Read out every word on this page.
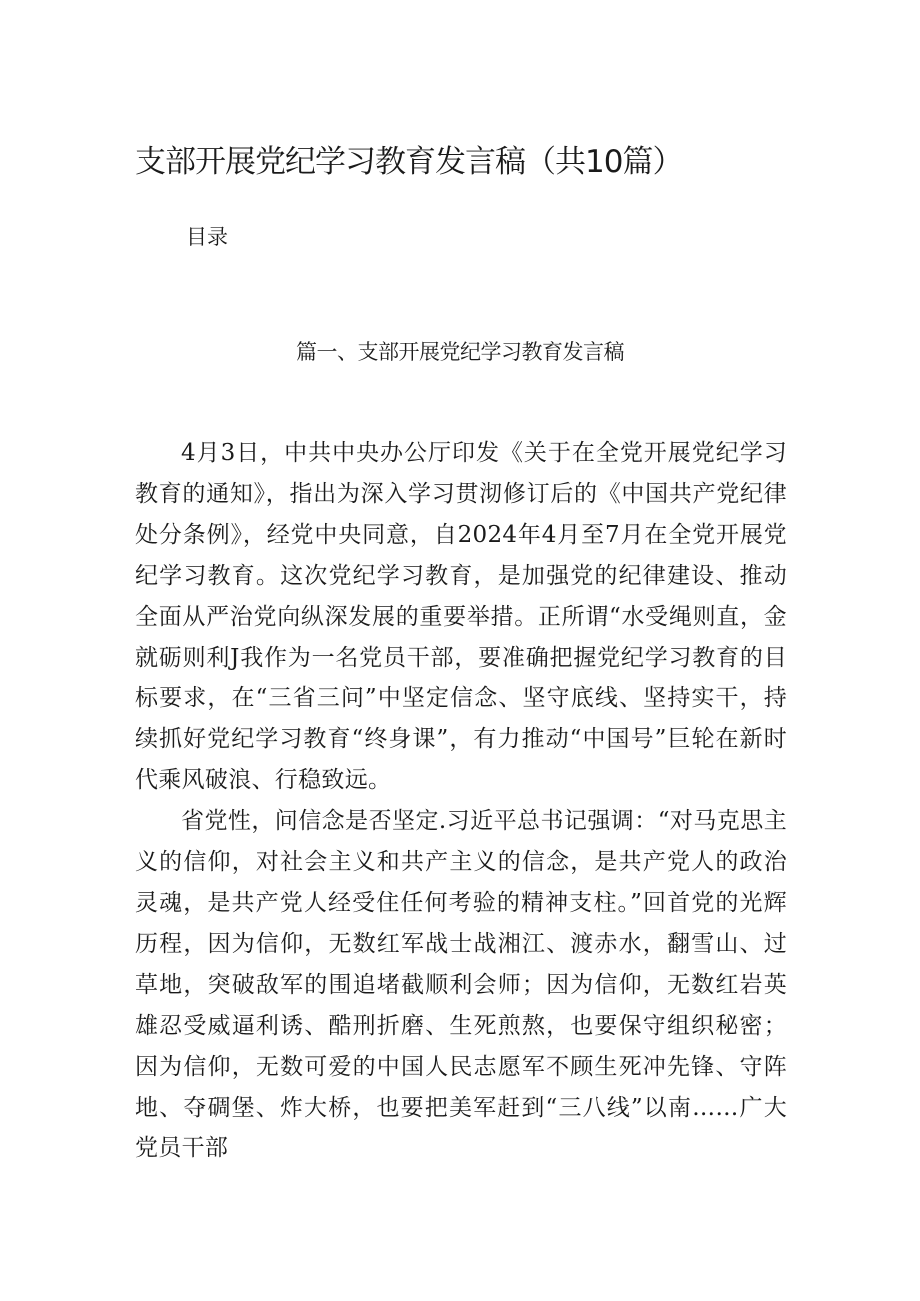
支部开展党纪学习教育发言稿（共10篇）
目录
篇一、支部开展党纪学习教育发言稿

4月3日，中共中央办公厅印发《关于在全党开展党纪学习教育的通知》，指出为深入学习贯沏修订后的《中国共产党纪律处分条例》，经党中央同意，自2024年4月至7月在全党开展党纪学习教育。这次党纪学习教育，是加强党的纪律建设、推动全面从严治党向纵深发展的重要举措。正所谓“水受绳则直，金就砺则利J我作为一名党员干部，要准确把握党纪学习教育的目标要求，在“三省三问”中坚定信念、坚守底线、坚持实干，持续抓好党纪学习教育“终身课”，有力推动“中国号”巨轮在新时代乘风破浪、行稳致远。

省党性，问信念是否坚定.习近平总书记强调：“对马克思主义的信仰，对社会主义和共产主义的信念，是共产党人的政治灵魂，是共产党人经受住任何考验的精神支柱。”回首党的光辉历程，因为信仰，无数红军战士战湘江、渡赤水，翻雪山、过草地，突破敌军的围追堵截顺利会师；因为信仰，无数红岩英雄忍受威逼利诱、酷刑折磨、生死煎熬，也要保守组织秘密；因为信仰，无数可爱的中国人民志愿军不顾生死冲先锋、守阵地、夺碉堡、炸大桥，也要把美军赶到“三八线”以南……广大党员干部
